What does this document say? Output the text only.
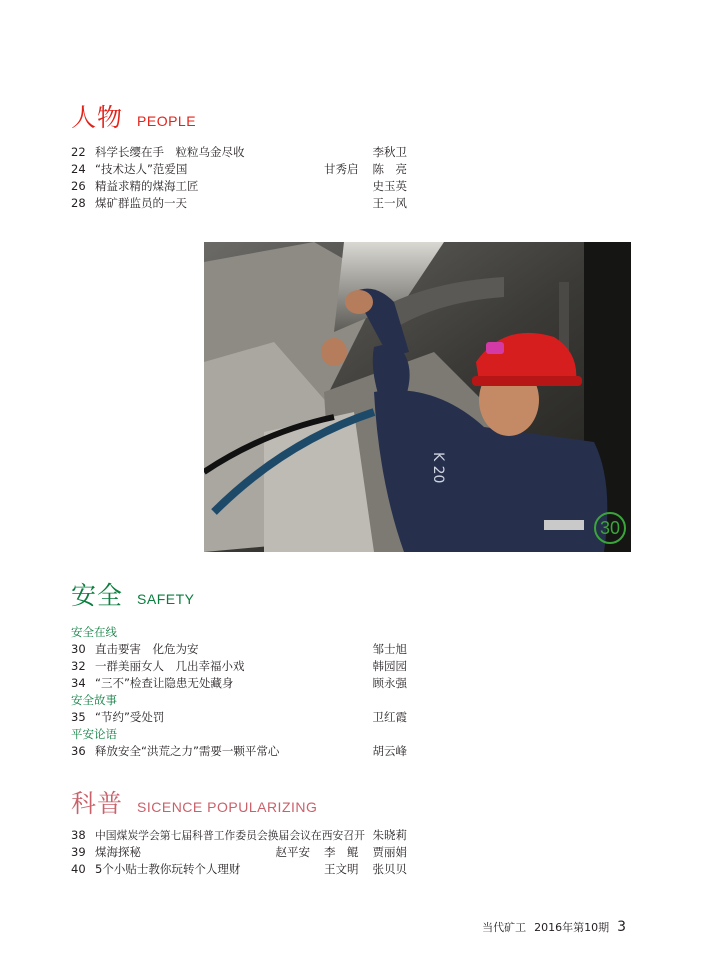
人物 PEOPLE
22 科学长缨在手　粒粒乌金尽收	李秋卫
24 “技术达人”范爱国	甘秀启 陈　亮
26 精益求精的煤海工匠	史玉英
28 煤矿群监员的一天	王一风
K 20
30
安全 SAFETY
安全在线
30 直击要害　化危为安	邹士旭
32 一群美丽女人　几出幸福小戏	韩园园
34 “三不”检查让隐患无处藏身	顾永强
安全故事
35 “节约”受处罚	卫红霞
平安论语
36 释放安全“洪荒之力”需要一颗平常心	胡云峰
科普 SICENCE POPULARIZING
38 中国煤炭学会第七届科普工作委员会换届会议在西安召开 朱晓莉
39 煤海探秘	赵平安 李　鲲 贾丽娟
40 5个小贴士教你玩转个人理财	王文明 张贝贝
当代矿工 2016年第10期 3
